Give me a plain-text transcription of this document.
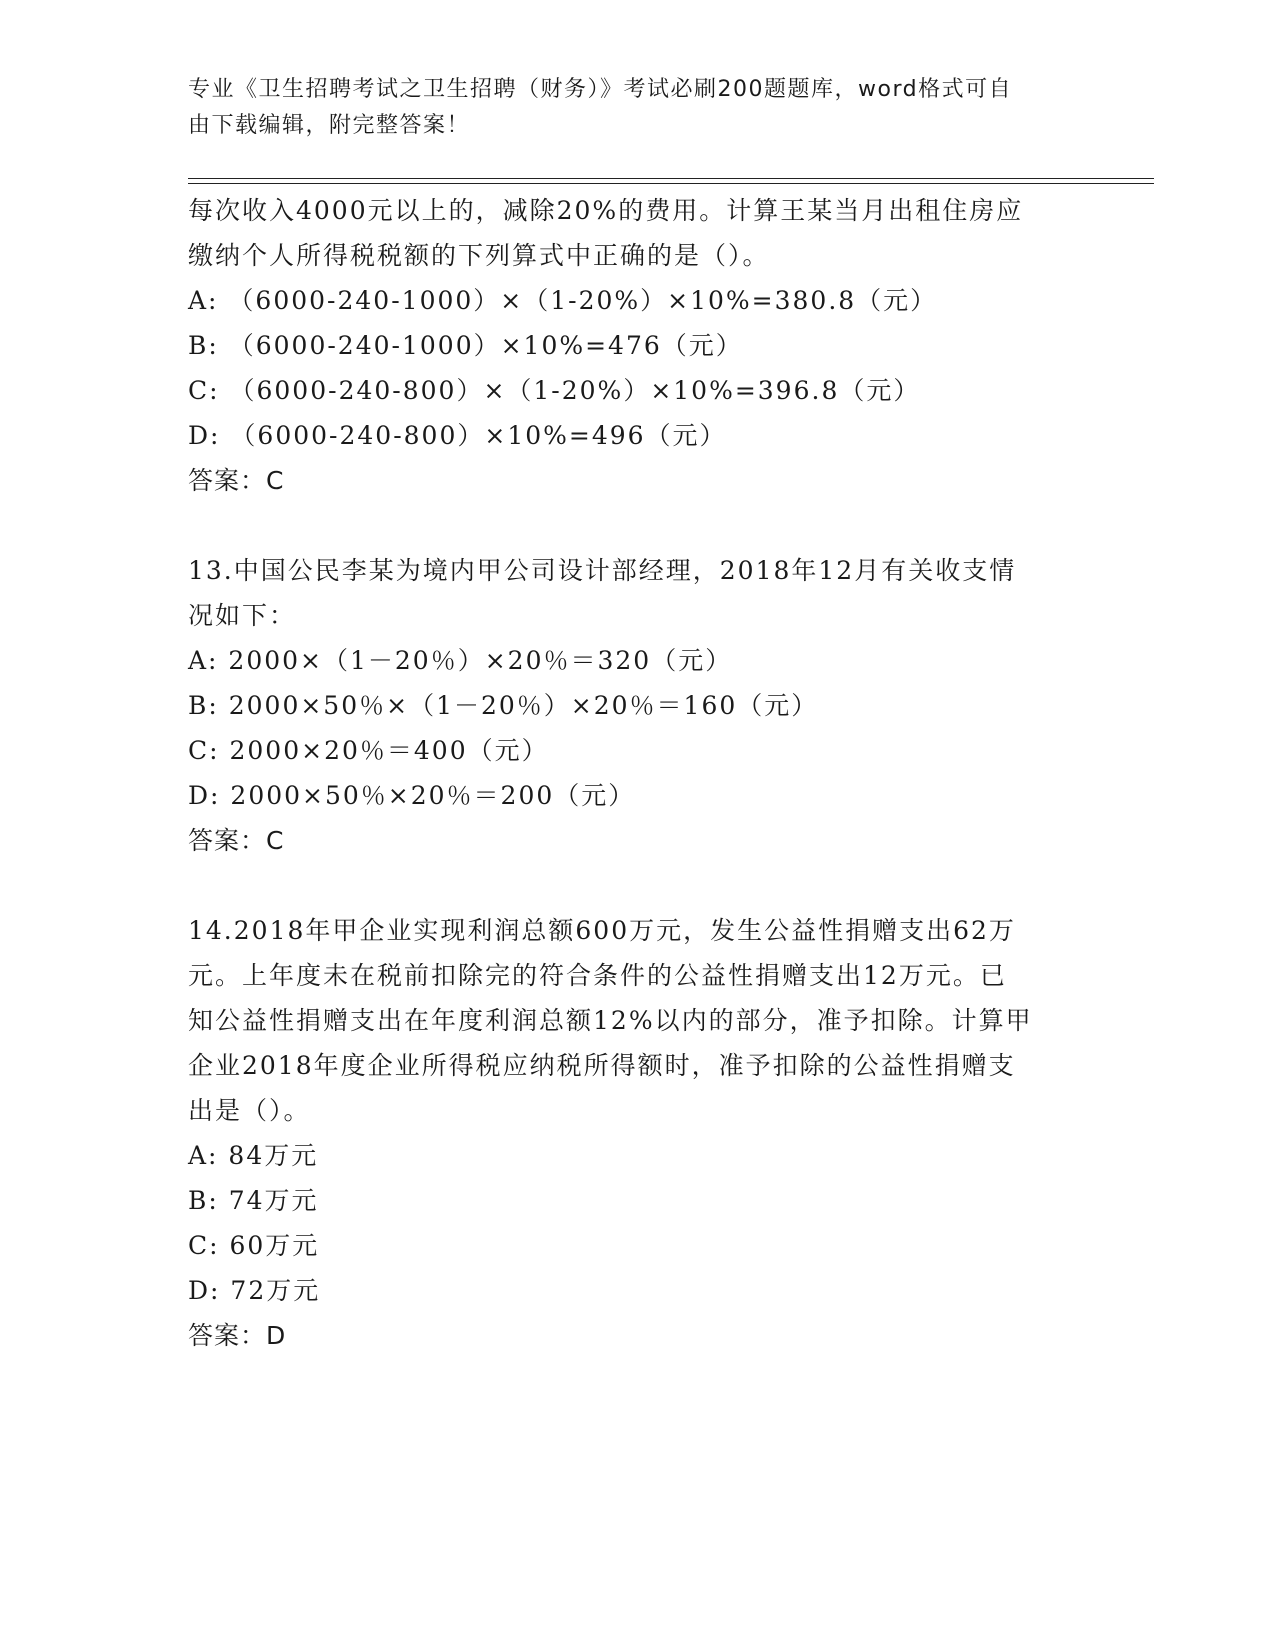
专业《卫生招聘考试之卫生招聘（财务）》考试必刷200题题库，word格式可自
由下载编辑，附完整答案！
每次收入4000元以上的，减除20%的费用。计算王某当月出租住房应
缴纳个人所得税税额的下列算式中正确的是（）。
A: （6000-240-1000）×（1-20%）×10%=380.8（元）
B: （6000-240-1000）×10%=476（元）
C: （6000-240-800）×（1-20%）×10%=396.8（元）
D: （6000-240-800）×10%=496（元）
答案：C
13.中国公民李某为境内甲公司设计部经理，2018年12月有关收支情
况如下：
A: 2000×（1－20％）×20％＝320（元）
B: 2000×50％×（1－20％）×20％＝160（元）
C: 2000×20％＝400（元）
D: 2000×50％×20％＝200（元）
答案：C
14.2018年甲企业实现利润总额600万元，发生公益性捐赠支出62万
元。上年度未在税前扣除完的符合条件的公益性捐赠支出12万元。已
知公益性捐赠支出在年度利润总额12%以内的部分，准予扣除。计算甲
企业2018年度企业所得税应纳税所得额时，准予扣除的公益性捐赠支
出是（）。
A: 84万元
B: 74万元
C: 60万元
D: 72万元
答案：D
